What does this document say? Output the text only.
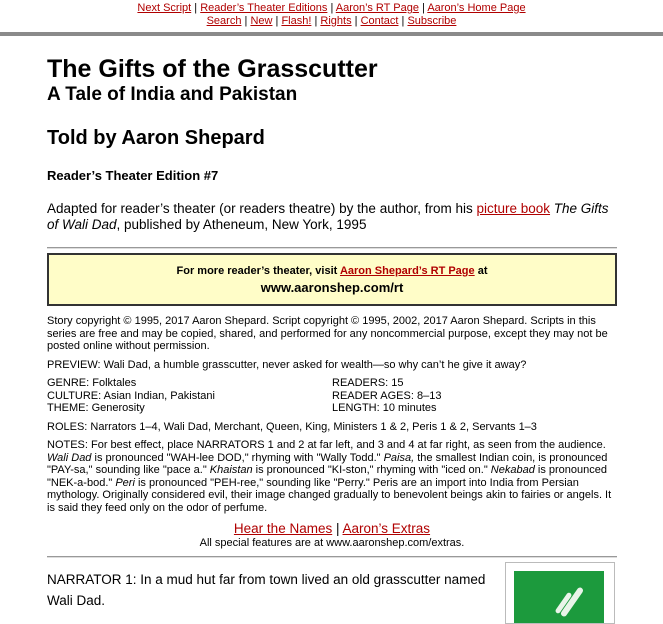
Next Script | Reader’s Theater Editions | Aaron’s RT Page | Aaron’s Home Page
Search | New | Flash! | Rights | Contact | Subscribe
The Gifts of the Grasscutter
A Tale of India and Pakistan
Told by Aaron Shepard
Reader’s Theater Edition #7
Adapted for reader’s theater (or readers theatre) by the author, from his picture book The Gifts of Wali Dad, published by Atheneum, New York, 1995
For more reader’s theater, visit Aaron Shepard’s RT Page at
www.aaronshep.com/rt
Story copyright © 1995, 2017 Aaron Shepard. Script copyright © 1995, 2002, 2017 Aaron Shepard. Scripts in this series are free and may be copied, shared, and performed for any noncommercial purpose, except they may not be posted online without permission.
PREVIEW: Wali Dad, a humble grasscutter, never asked for wealth—so why can’t he give it away?
GENRE: Folktales	READERS: 15
CULTURE: Asian Indian, Pakistani	READER AGES: 8–13
THEME: Generosity	LENGTH: 10 minutes
ROLES: Narrators 1–4, Wali Dad, Merchant, Queen, King, Ministers 1 & 2, Peris 1 & 2, Servants 1–3
NOTES: For best effect, place NARRATORS 1 and 2 at far left, and 3 and 4 at far right, as seen from the audience. Wali Dad is pronounced "WAH-lee DOD," rhyming with "Wally Todd." Paisa, the smallest Indian coin, is pronounced "PAY-sa," sounding like "pace a." Khaistan is pronounced "KI-ston," rhyming with "iced on." Nekabad is pronounced "NEK-a-bod." Peri is pronounced "PEH-ree," sounding like "Perry." Peris are an import into India from Persian mythology. Originally considered evil, their image changed gradually to benevolent beings akin to fairies or angels. It is said they feed only on the odor of perfume.
Hear the Names | Aaron’s Extras
All special features are at www.aaronshep.com/extras.
NARRATOR 1: In a mud hut far from town lived an old grasscutter named Wali Dad.
